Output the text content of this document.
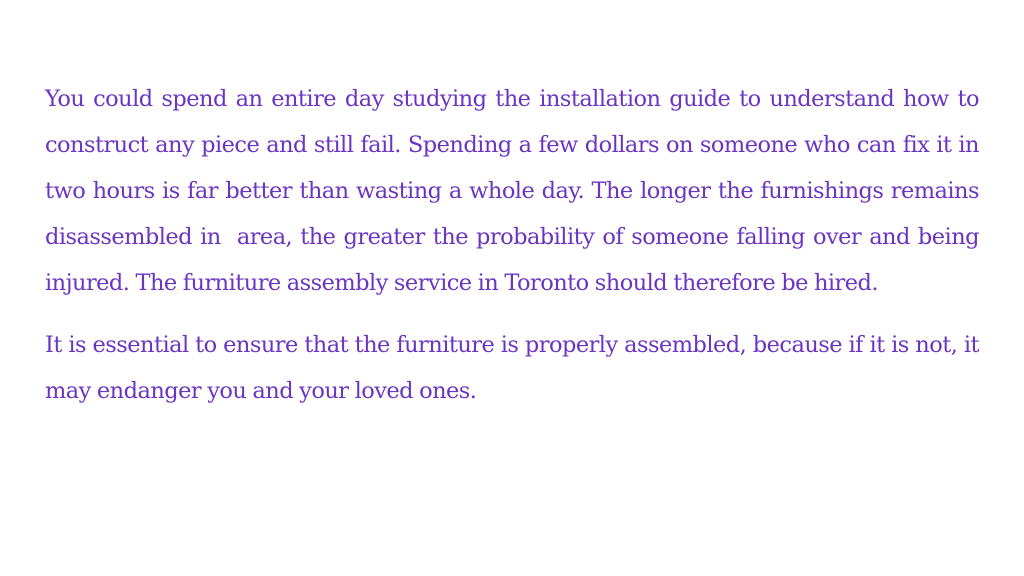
You could spend an entire day studying the installation guide to understand how to construct any piece and still fail. Spending a few dollars on someone who can fix it in two hours is far better than wasting a whole day. The longer the furnishings remains disassembled in  area, the greater the probability of someone falling over and being injured. The furniture assembly service in Toronto should therefore be hired.

It is essential to ensure that the furniture is properly assembled, because if it is not, it may endanger you and your loved ones.
